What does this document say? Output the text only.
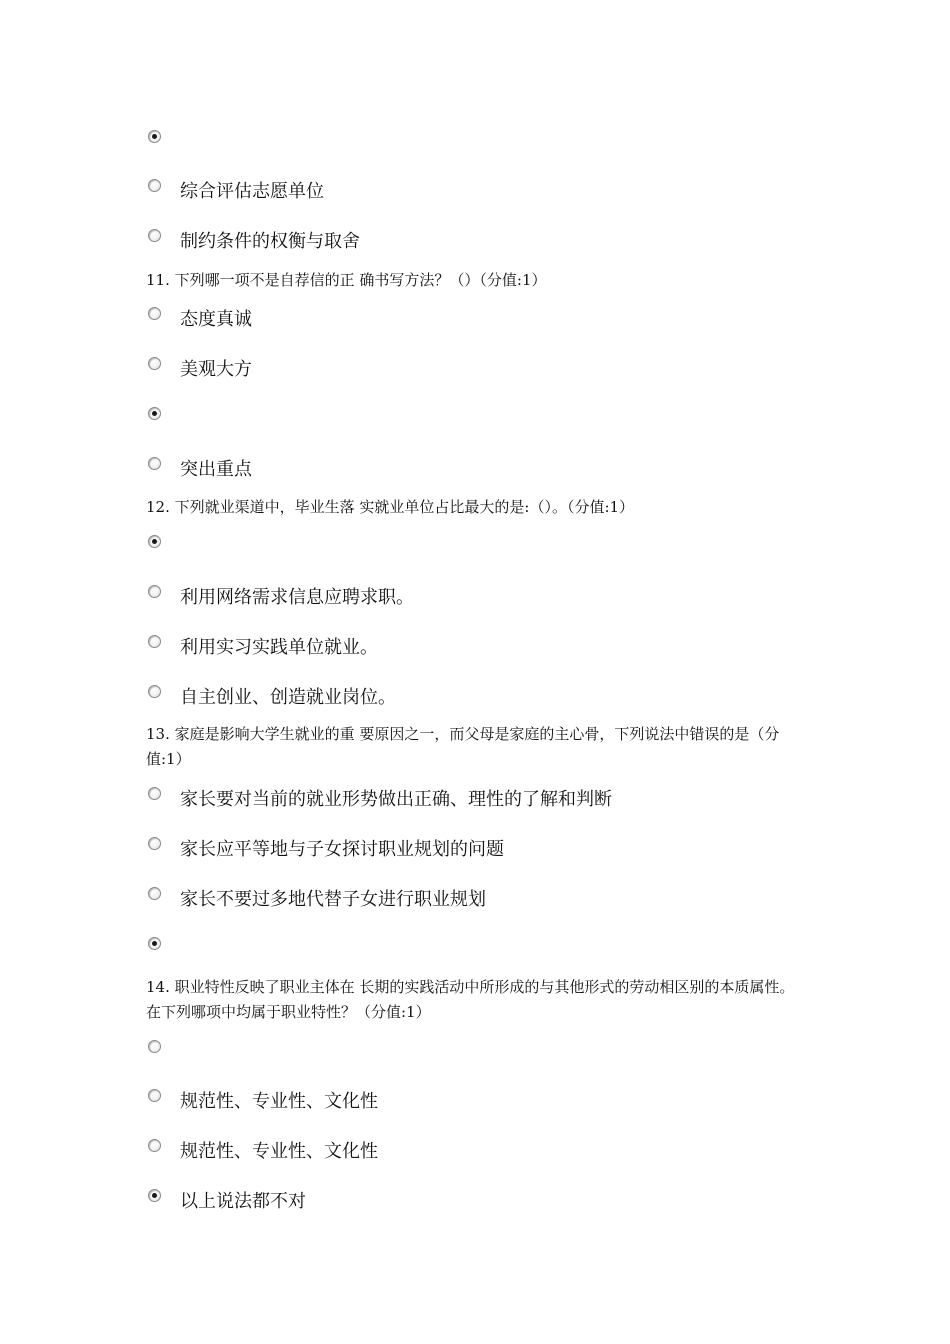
综合评估志愿单位
制约条件的权衡与取舍
11. 下列哪一项不是自荐信的正 确书写方法？（）（分值:1）
态度真诚
美观大方
突出重点
12. 下列就业渠道中，毕业生落 实就业单位占比最大的是:（）。（分值:1）
利用网络需求信息应聘求职。
利用实习实践单位就业。
自主创业、创造就业岗位。
13. 家庭是影响大学生就业的重 要原因之一，而父母是家庭的主心骨，下列说法中错误的是（分值:1）
家长要对当前的就业形势做出正确、理性的了解和判断
家长应平等地与子女探讨职业规划的问题
家长不要过多地代替子女进行职业规划
14. 职业特性反映了职业主体在 长期的实践活动中所形成的与其他形式的劳动相区别的本质属性。在下列哪项中均属于职业特性？（分值:1）
规范性、专业性、文化性
规范性、专业性、文化性
以上说法都不对
